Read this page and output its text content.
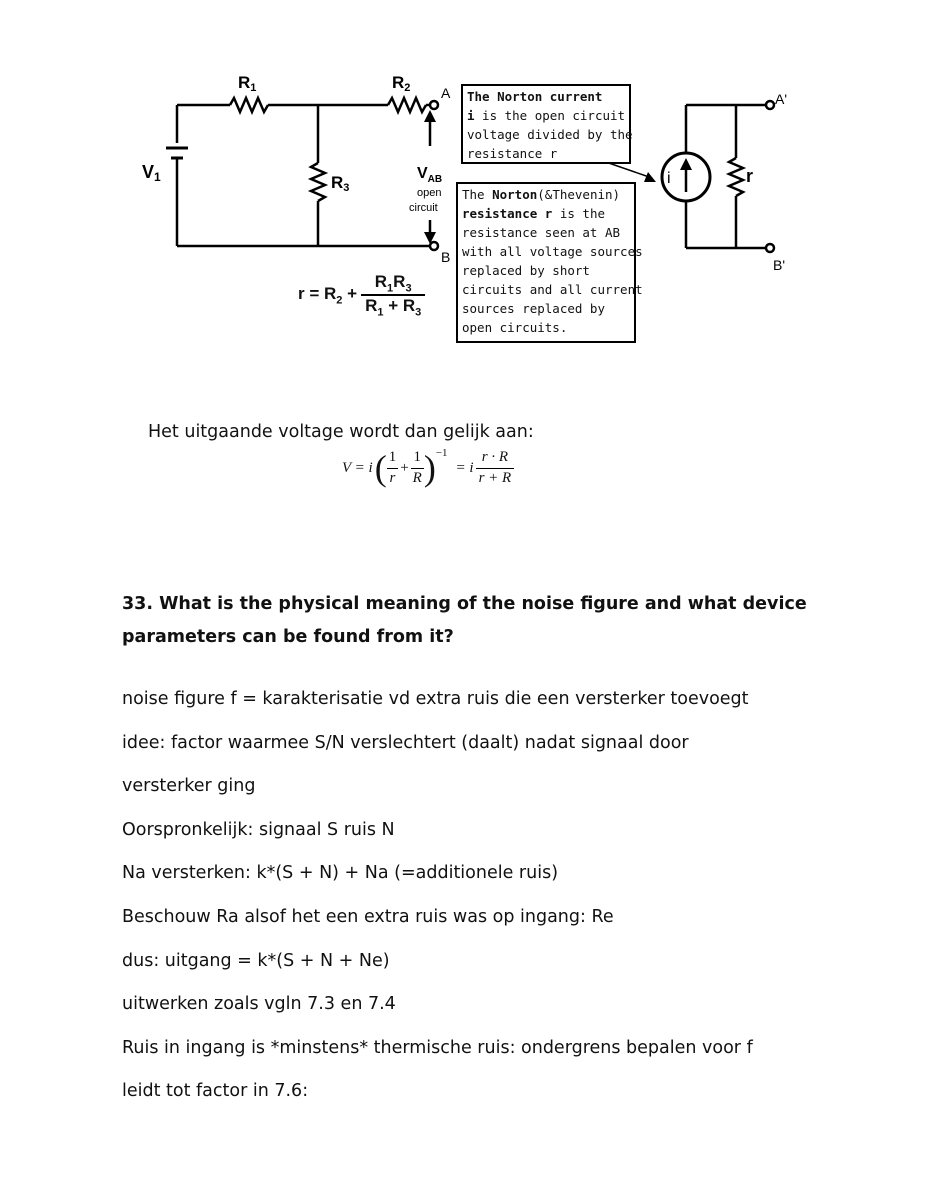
R1	R2
R3
V1	$V_{AB}$
open
circuit
A
B
A'
B'
i	r
The Norton current
i is the open circuit
voltage divided by the
resistance r
The Norton(&Thevenin)
resistance r is the
resistance seen at AB
with all voltage sources
replaced by short
circuits and all current
sources replaced by
open circuits.
$r = R_2$ +	$R_1R_3$
$R_1 + R_3$
Het uitgaande voltage wordt dan gelijk aan:
V = i	(	1	+	1	)	−1	= i	r · R
		r		R				r + R
33. What is the physical meaning of the noise figure and what device parameters can be found from it?
noise figure f = karakterisatie vd extra ruis die een versterker toevoegt
idee: factor waarmee S/N verslechtert (daalt) nadat signaal door
versterker ging
Oorspronkelijk: signaal S ruis N
Na versterken: k*(S + N) + Na (=additionele ruis)
Beschouw Ra alsof het een extra ruis was op ingang: Re
dus: uitgang = k*(S + N + Ne)
uitwerken zoals vgln 7.3 en 7.4
Ruis in ingang is *minstens* thermische ruis: ondergrens bepalen voor f
leidt tot factor in 7.6:
